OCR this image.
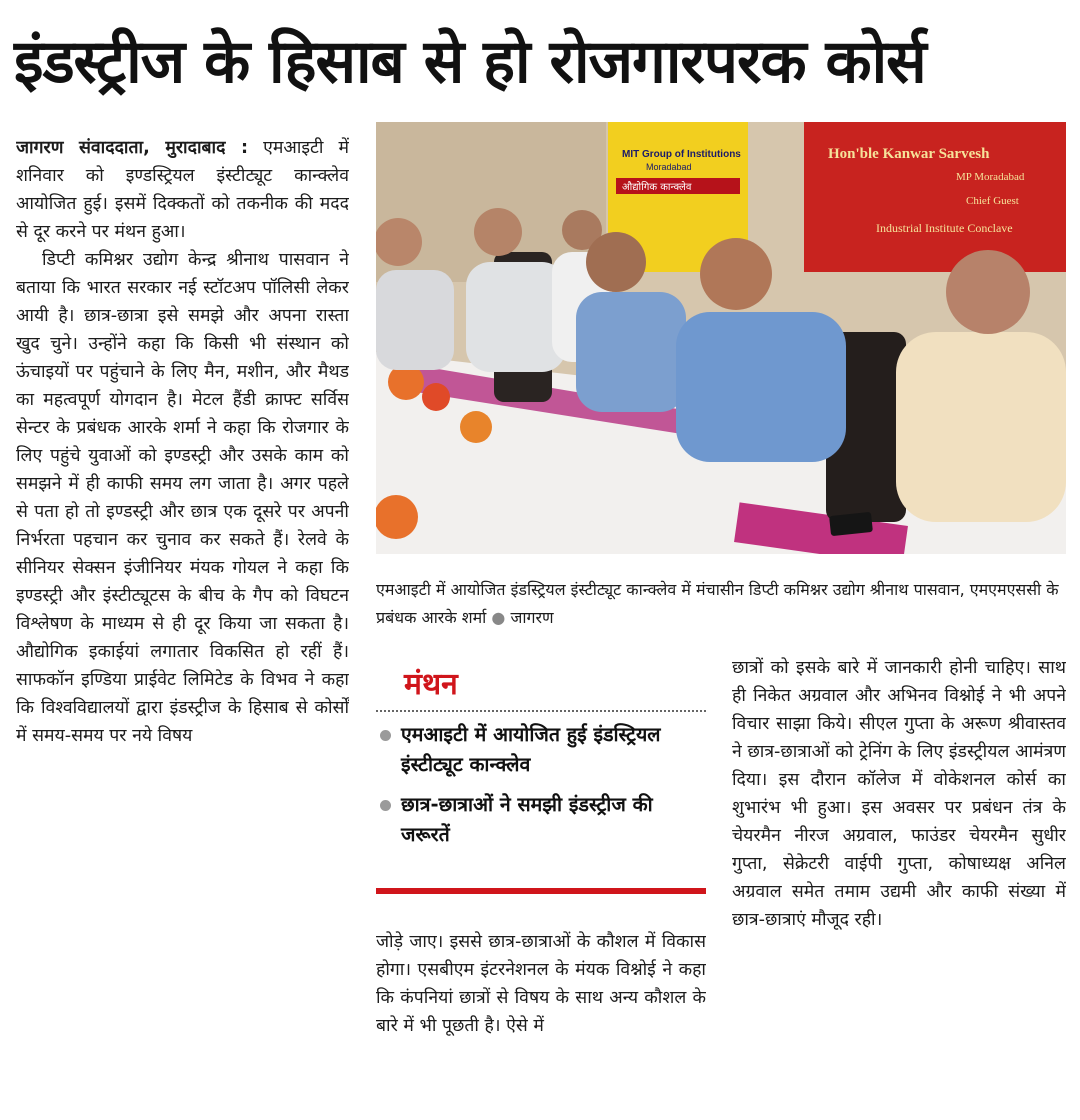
इंडस्ट्रीज के हिसाब से हो रोजगारपरक कोर्स

जागरण संवाददाता, मुरादाबाद : एमआइटी में शनिवार को इण्डस्ट्रियल इंस्टीट्यूट कान्क्लेव आयोजित हुई। इसमें दिक्कतों को तकनीक की मदद से दूर करने पर मंथन हुआ।

डिप्टी कमिश्नर उद्योग केन्द्र श्रीनाथ पासवान ने बताया कि भारत सरकार नई स्टॉटअप पॉलिसी लेकर आयी है। छात्र-छात्रा इसे समझे और अपना रास्ता खुद चुने। उन्होंने कहा कि किसी भी संस्थान को ऊंचाइयों पर पहुंचाने के लिए मैन, मशीन, और मैथड का महत्वपूर्ण योगदान है। मेटल हैंडी क्राफ्ट सर्विस सेन्टर के प्रबंधक आरके शर्मा ने कहा कि रोजगार के लिए पहुंचे युवाओं को इण्डस्ट्री और उसके काम को समझने में ही काफी समय लग जाता है। अगर पहले से पता हो तो इण्डस्ट्री और छात्र एक दूसरे पर अपनी निर्भरता पहचान कर चुनाव कर सकते हैं। रेलवे के सीनियर सेक्सन इंजीनियर मंयक गोयल ने कहा कि इण्डस्ट्री और इंस्टीट्यूटस के बीच के गैप को विघटन विश्लेषण के माध्यम से ही दूर किया जा सकता है। औद्योगिक इकाईयां लगातार विकसित हो रहीं हैं। साफकॉन इण्डिया प्राईवेट लिमिटेड के विभव ने कहा कि विश्वविद्यालयों द्वारा इंडस्ट्रीज के हिसाब से कोर्सों में समय-समय पर नये विषय

MIT Group of Institutions
Moradabad
औद्योगिक कान्क्लेव
Hon'ble Kanwar Sarvesh
MP Moradabad
Chief Guest
Industrial Institute Conclave
एमआइटी में आयोजित इंडस्ट्रियल इंस्टीट्यूट कान्क्लेव में मंचासीन डिप्टी कमिश्नर उद्योग श्रीनाथ पासवान, एमएमएससी के प्रबंधक आरके शर्मा ● जागरण
मंथन
एमआइटी में आयोजित हुई इंडस्ट्रियल इंस्टीट्यूट कान्क्लेव
छात्र-छात्राओं ने समझी इंडस्ट्रीज की जरूरतें

जोड़े जाए। इससे छात्र-छात्राओं के कौशल में विकास होगा। एसबीएम इंटरनेशनल के मंयक विश्नोई ने कहा कि कंपनियां छात्रों से विषय के साथ अन्य कौशल के बारे में भी पूछती है। ऐसे में

छात्रों को इसके बारे में जानकारी होनी चाहिए। साथ ही निकेत अग्रवाल और अभिनव विश्नोई ने भी अपने विचार साझा किये। सीएल गुप्ता के अरूण श्रीवास्तव ने छात्र-छात्राओं को ट्रेनिंग के लिए इंडस्ट्रीयल आमंत्रण दिया। इस दौरान कॉलेज में वोकेशनल कोर्स का शुभारंभ भी हुआ। इस अवसर पर प्रबंधन तंत्र के चेयरमैन नीरज अग्रवाल, फाउंडर चेयरमैन सुधीर गुप्ता, सेक्रेटरी वाईपी गुप्ता, कोषाध्यक्ष अनिल अग्रवाल समेत तमाम उद्यमी और काफी संख्या में छात्र-छात्राएं मौजूद रही।
